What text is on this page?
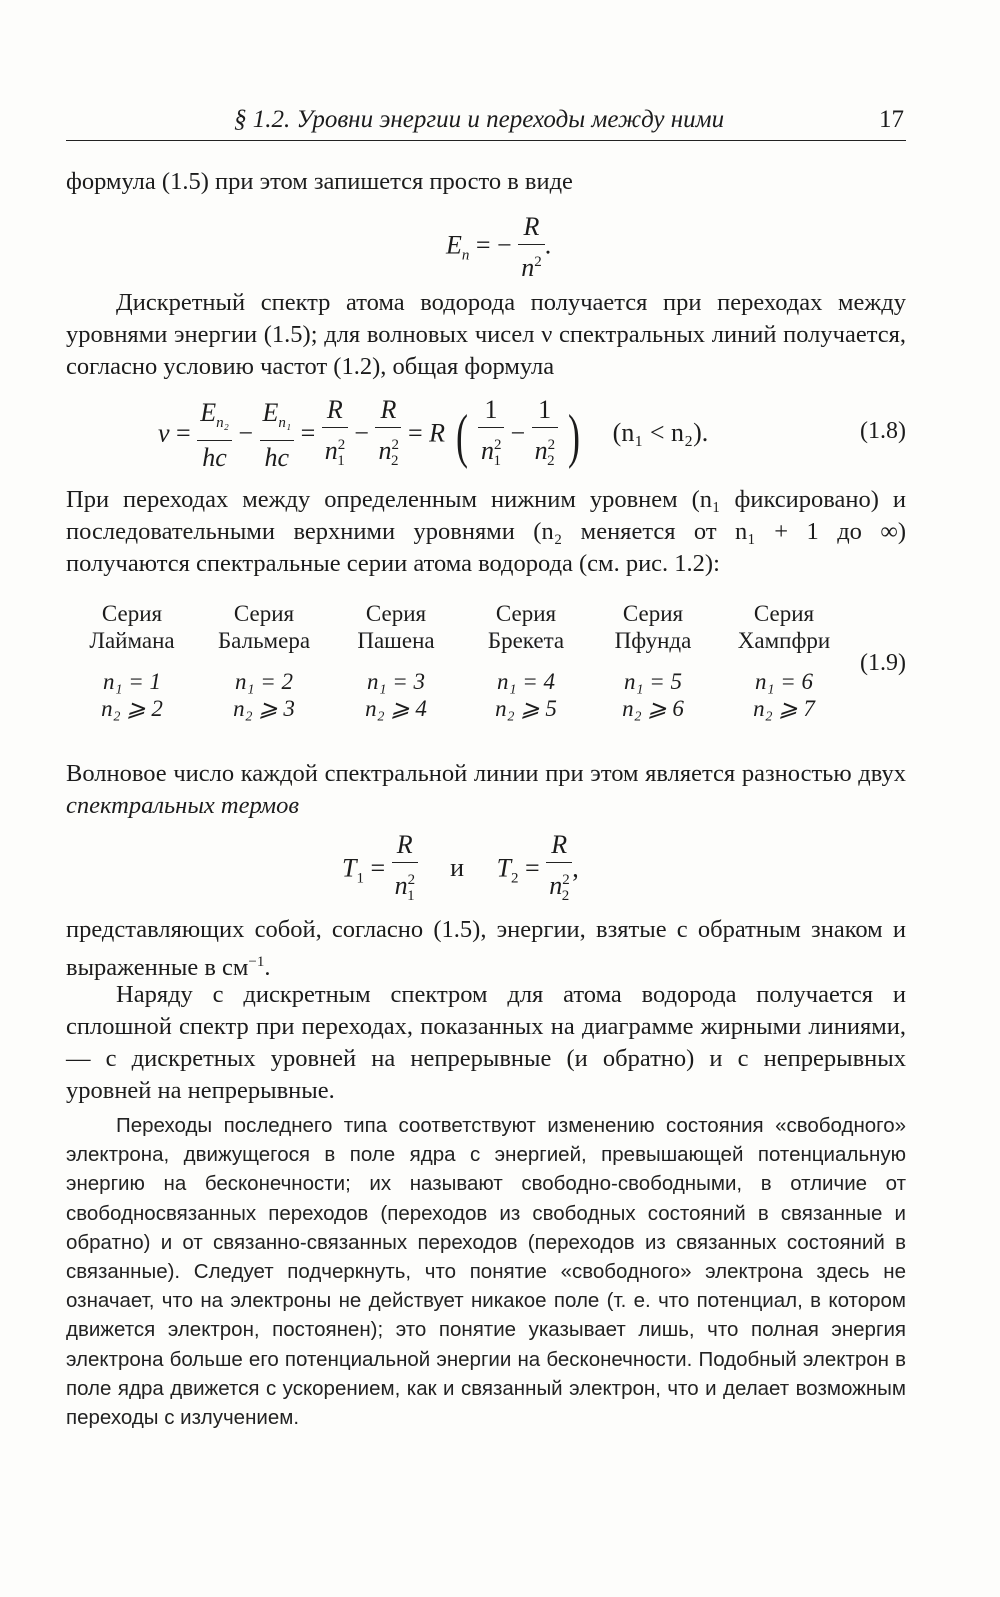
§ 1.2. Уровни энергии и переходы между ними	17
формула (1.5) при этом запишется просто в виде
$E_n$ = − $\frac{R}{n^2}$ .
Дискретный спектр атома водорода получается при переходах между уровнями энергии (1.5); для волновых чисел ν спектральных линий получается, согласно условию частот (1.2), общая формула
$\nu = \frac{E_{n_2}}{hc} - \frac{E_{n_1}}{hc} = \frac{R}{n^2_1} - \frac{R}{n^2_2} = R$ ( $\frac{1}{n^2_1} - \frac{1}{n^2_2}$ ) (n₁ < n₂).	(1.8)
При переходах между определенным нижним уровнем (n₁ фиксировано) и последовательными верхними уровнями (n₂ меняется от n₁ + 1 до ∞) получаются спектральные серии атома водорода (см. рис. 1.2):
Серия	Серия	Серия	Серия	Серия	Серия
Лаймана	Бальмера	Пашена	Брекета	Пфунда	Хампфри

n₁ = 1	n₁ = 2	n₁ = 3	n₁ = 4	n₁ = 5	n₁ = 6
n₂ ⩾ 2	n₂ ⩾ 3	n₂ ⩾ 4	n₂ ⩾ 5	n₂ ⩾ 6	n₂ ⩾ 7
(1.9)
Волновое число каждой спектральной линии при этом является разностью двух спектральных термов
$T_1 = \frac{R}{n^2_1}$ и $T_2 = \frac{R}{n^2_2}$ ,
представляющих собой, согласно (1.5), энергии, взятые с обратным знаком и выраженные в $см^{-1}$.
Наряду с дискретным спектром для атома водорода получается и сплошной спектр при переходах, показанных на диаграмме жирными линиями, — с дискретных уровней на непрерывные (и обратно) и с непрерывных уровней на непрерывные.
Переходы последнего типа соответствуют изменению состояния «свободного» электрона, движущегося в поле ядра с энергией, превышающей потенциальную энергию на бесконечности; их называют свободно-свободными, в отличие от свободносвязанных переходов (переходов из свободных состояний в связанные и обратно) и от связанно-связанных переходов (переходов из связанных состояний в связанные). Следует подчеркнуть, что понятие «свободного» электрона здесь не означает, что на электроны не действует никакое поле (т. е. что потенциал, в котором движется электрон, постоянен); это понятие указывает лишь, что полная энергия электрона больше его потенциальной энергии на бесконечности. Подобный электрон в поле ядра движется с ускорением, как и связанный электрон, что и делает возможным переходы с излучением.
